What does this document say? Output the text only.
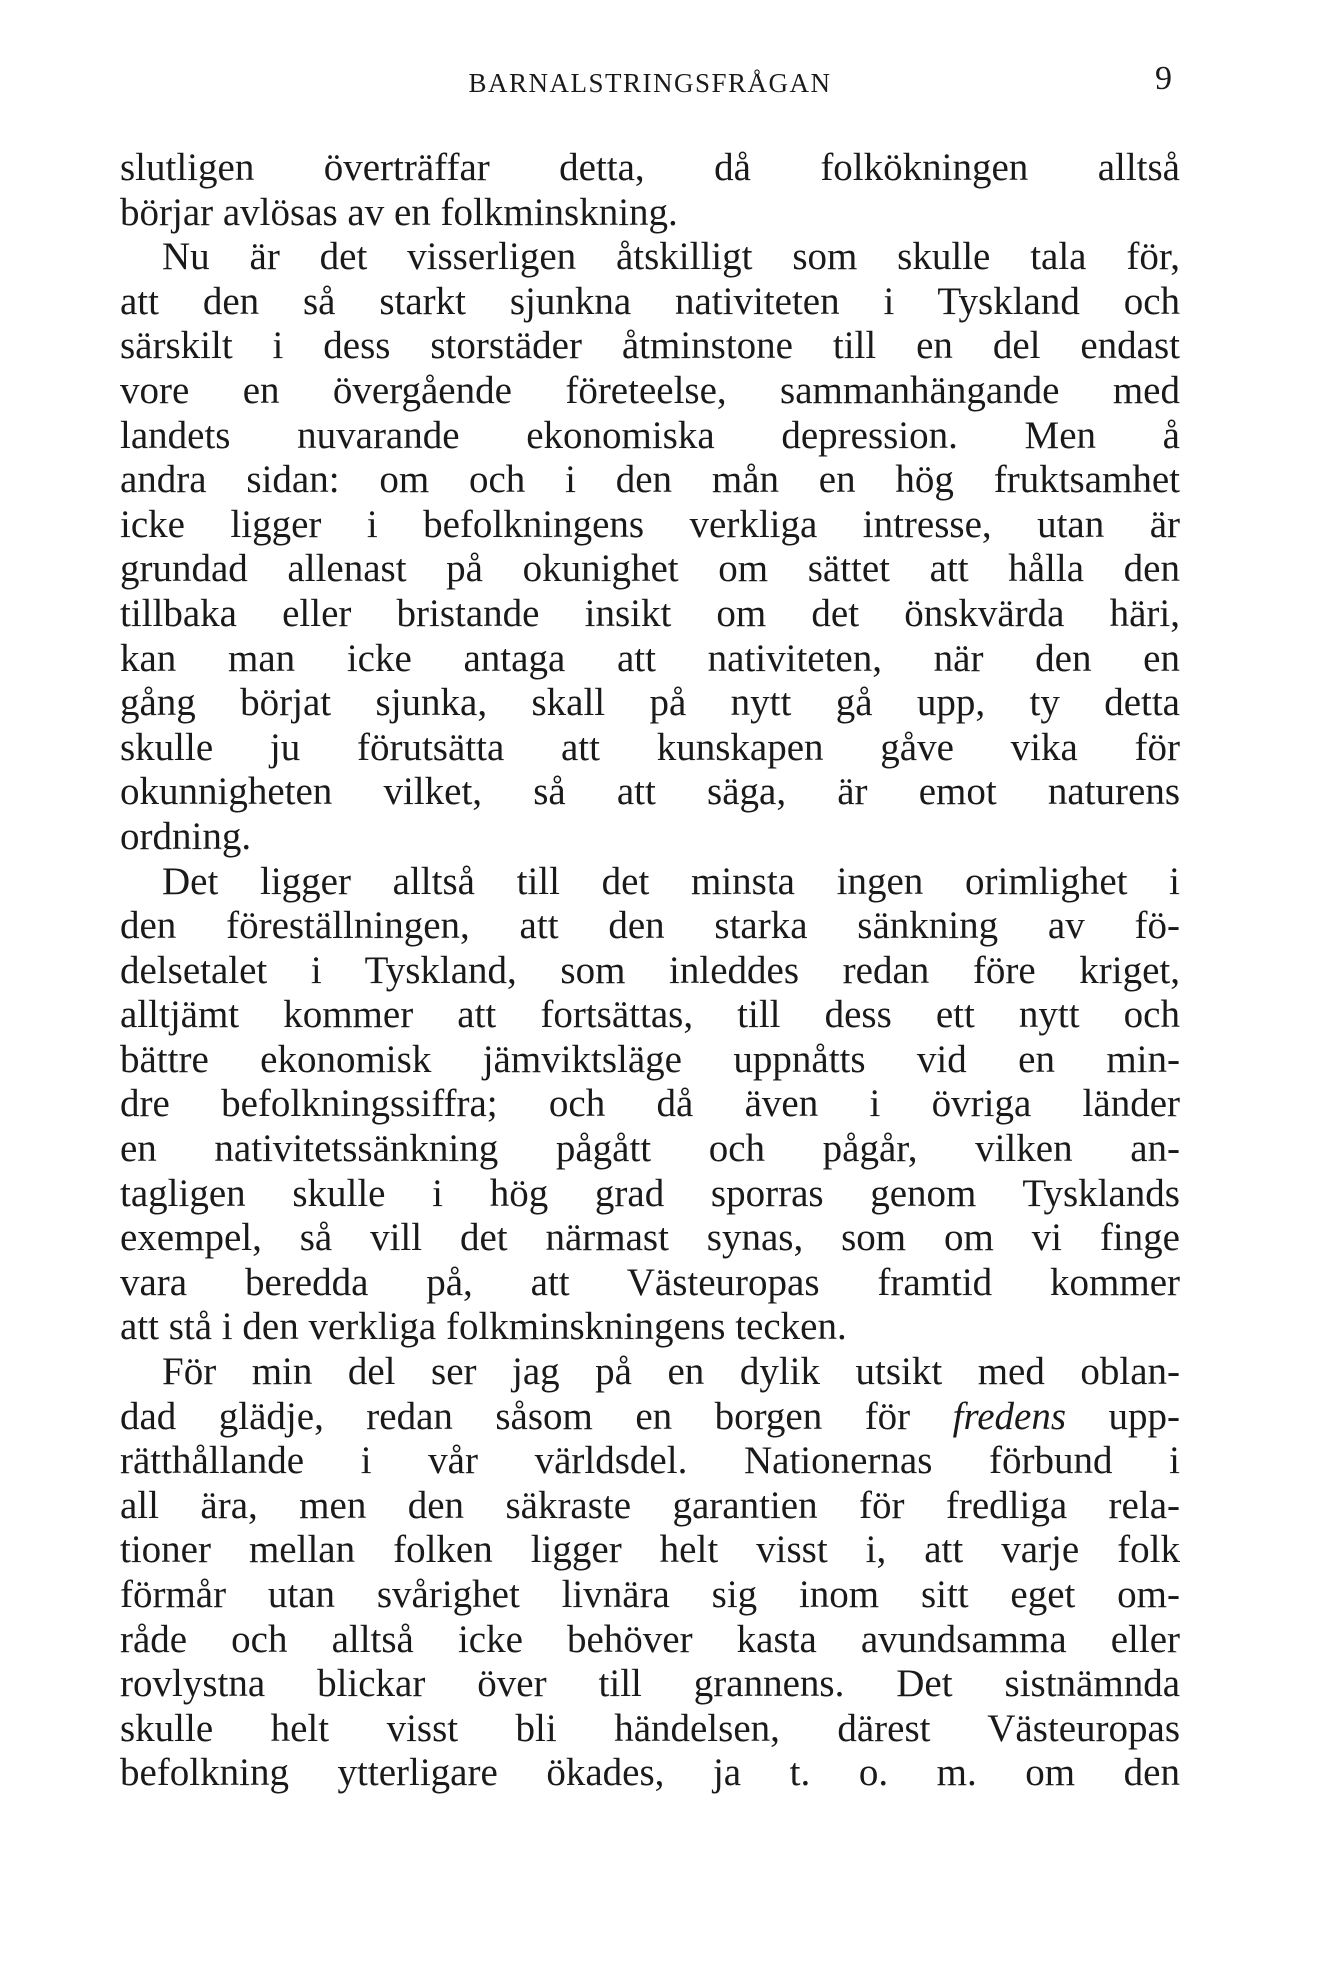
BARNALSTRINGSFRÅGAN	9
slutligen överträffar detta, då folkökningen alltså
börjar avlösas av en folkminskning.
Nu är det visserligen åtskilligt som skulle tala för,
att den så starkt sjunkna nativiteten i Tyskland och
särskilt i dess storstäder åtminstone till en del endast
vore en övergående företeelse, sammanhängande med
landets nuvarande ekonomiska depression. Men å
andra sidan: om och i den mån en hög fruktsamhet
icke ligger i befolkningens verkliga intresse, utan är
grundad allenast på okunighet om sättet att hålla den
tillbaka eller bristande insikt om det önskvärda häri,
kan man icke antaga att nativiteten, när den en
gång börjat sjunka, skall på nytt gå upp, ty detta
skulle ju förutsätta att kunskapen gåve vika för
okunnigheten vilket, så att säga, är emot naturens
ordning.
Det ligger alltså till det minsta ingen orimlighet i
den föreställningen, att den starka sänkning av fö-
delsetalet i Tyskland, som inleddes redan före kriget,
alltjämt kommer att fortsättas, till dess ett nytt och
bättre ekonomisk jämviktsläge uppnåtts vid en min-
dre befolkningssiffra; och då även i övriga länder
en nativitetssänkning pågått och pågår, vilken an-
tagligen skulle i hög grad sporras genom Tysklands
exempel, så vill det närmast synas, som om vi finge
vara beredda på, att Västeuropas framtid kommer
att stå i den verkliga folkminskningens tecken.
För min del ser jag på en dylik utsikt med oblan-
dad glädje, redan såsom en borgen för fredens upp-
rätthållande i vår världsdel. Nationernas förbund i
all ära, men den säkraste garantien för fredliga rela-
tioner mellan folken ligger helt visst i, att varje folk
förmår utan svårighet livnära sig inom sitt eget om-
råde och alltså icke behöver kasta avundsamma eller
rovlystna blickar över till grannens. Det sistnämnda
skulle helt visst bli händelsen, därest Västeuropas
befolkning ytterligare ökades, ja t. o. m. om den
